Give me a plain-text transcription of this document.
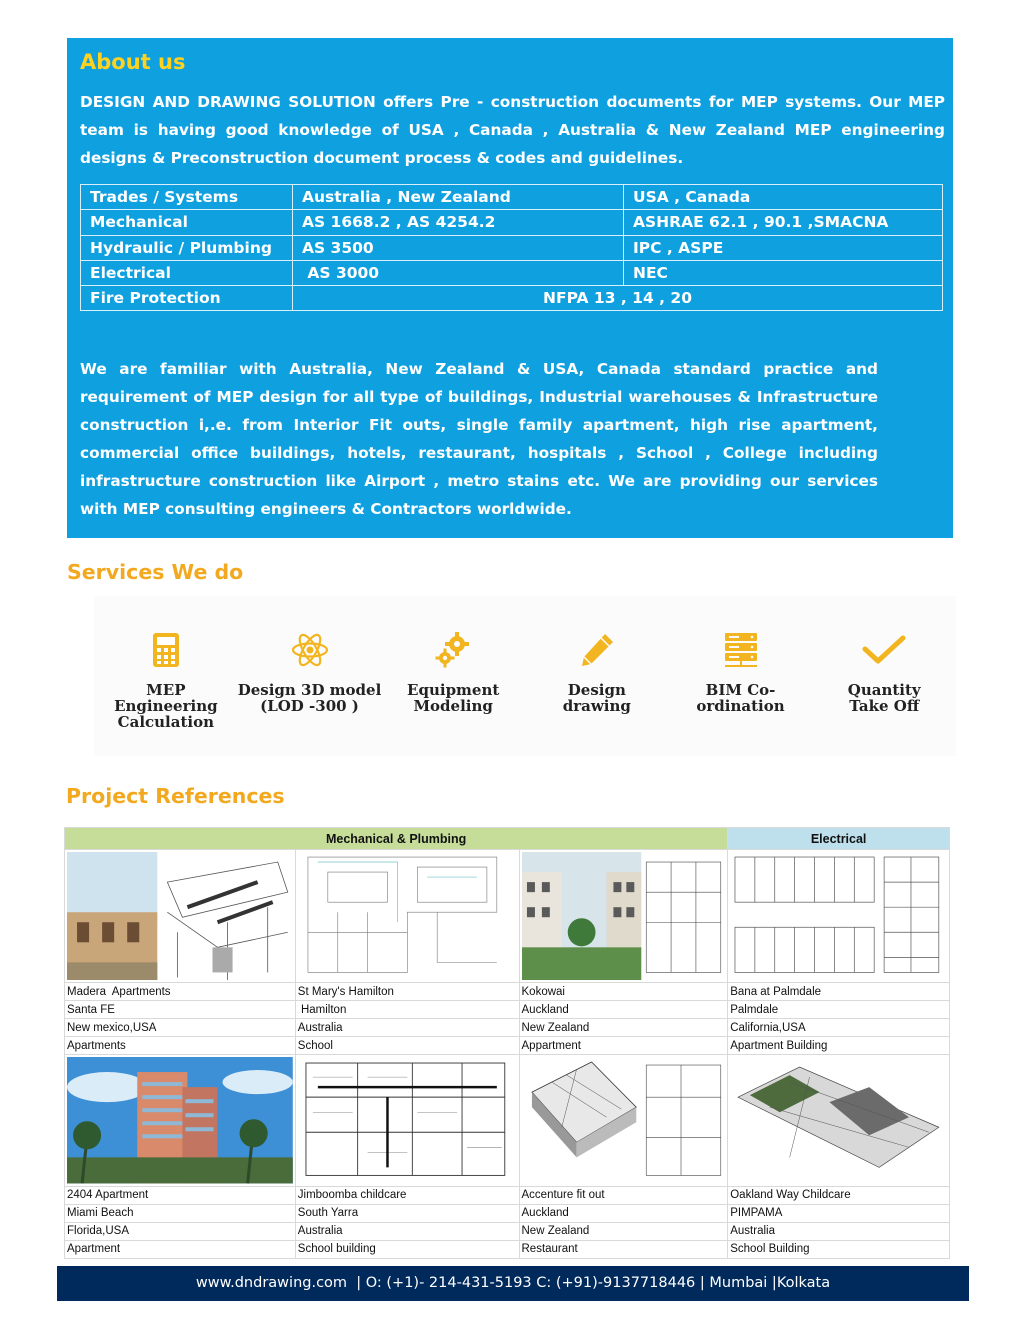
About us

DESIGN AND DRAWING SOLUTION offers Pre - construction documents for MEP systems. Our MEP team is having good knowledge of USA , Canada , Australia & New Zealand MEP engineering designs & Preconstruction document process & codes and guidelines.

Trades / Systems	Australia , New Zealand	USA , Canada
Mechanical	AS 1668.2 , AS 4254.2	ASHRAE 62.1 , 90.1 ,SMACNA
Hydraulic / Plumbing	AS 3500	IPC , ASPE
Electrical	AS 3000	NEC
Fire Protection	NFPA 13 , 14 , 20	

We are familiar with Australia, New Zealand & USA, Canada standard practice and requirement of MEP design for all type of buildings, Industrial warehouses & Infrastructure construction i,.e. from Interior Fit outs, single family apartment, high rise apartment, commercial office buildings, hotels, restaurant, hospitals , School , College including infrastructure construction like Airport , metro stains etc. We are providing our services with MEP consulting engineers & Contractors worldwide.

Services We do
MEP
Engineering
Calculation
Design 3D model
(LOD -300 )
Equipment
Modeling
Design
drawing
BIM Co-
ordination
Quantity
Take Off
Project References
Mechanical & Plumbing			Electrical

Madera  Apartments	St Mary's Hamilton	Kokowai	Bana at Palmdale
Santa FE	Hamilton	Auckland	Palmdale
New mexico,USA	Australia	New Zealand	California,USA
Apartments	School	Appartment	Apartment Building

2404 Apartment	Jimboomba childcare	Accenture fit out	Oakland Way Childcare
Miami Beach	South Yarra	Auckland	PIMPAMA
Florida,USA	Australia	New Zealand	Australia
Apartment	School building	Restaurant	School Building
www.dndrawing.com  | O: (+1)- 214-431-5193 C: (+91)-9137718446 | Mumbai |Kolkata
